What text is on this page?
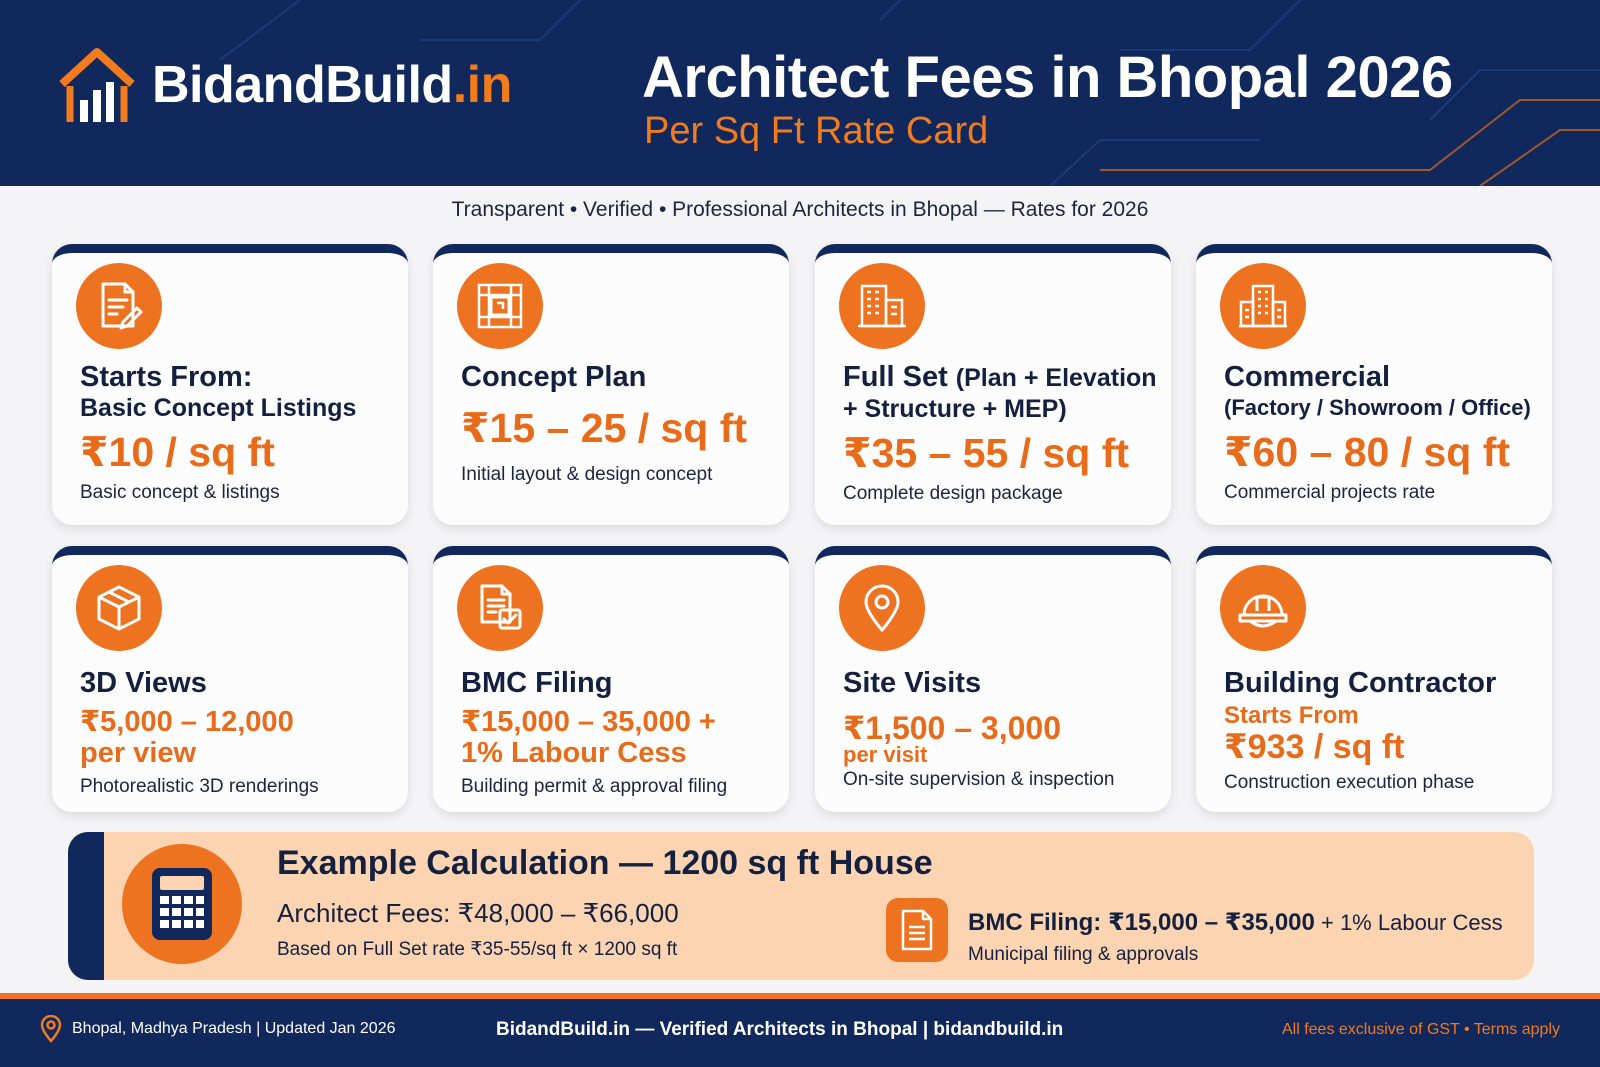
BidandBuild.in Architect Fees in Bhopal 2026
Per Sq Ft Rate Card
Transparent • Verified • Professional Architects in Bhopal — Rates for 2026
Starts From:
Basic Concept Listings
₹10 / sq ft
Basic concept & listings
Concept Plan
₹15 – 25 / sq ft
Initial layout & design concept
Full Set (Plan + Elevation
+ Structure + MEP)
₹35 – 55 / sq ft
Complete design package
Commercial
(Factory / Showroom / Office)
₹60 – 80 / sq ft
Commercial projects rate
3D Views
₹5,000 – 12,000
per view
Photorealistic 3D renderings
BMC Filing
₹15,000 – 35,000 +
1% Labour Cess
Building permit & approval filing
Site Visits
₹1,500 – 3,000
per visit
On-site supervision & inspection
Building Contractor
Starts From
₹933 / sq ft
Construction execution phase
Example Calculation — 1200 sq ft House
Architect Fees: ₹48,000 – ₹66,000
Based on Full Set rate ₹35-55/sq ft × 1200 sq ft
BMC Filing: ₹15,000 – ₹35,000 + 1% Labour Cess
Municipal filing & approvals
Bhopal, Madhya Pradesh | Updated Jan 2026	BidandBuild.in — Verified Architects in Bhopal | bidandbuild.in	All fees exclusive of GST • Terms apply
